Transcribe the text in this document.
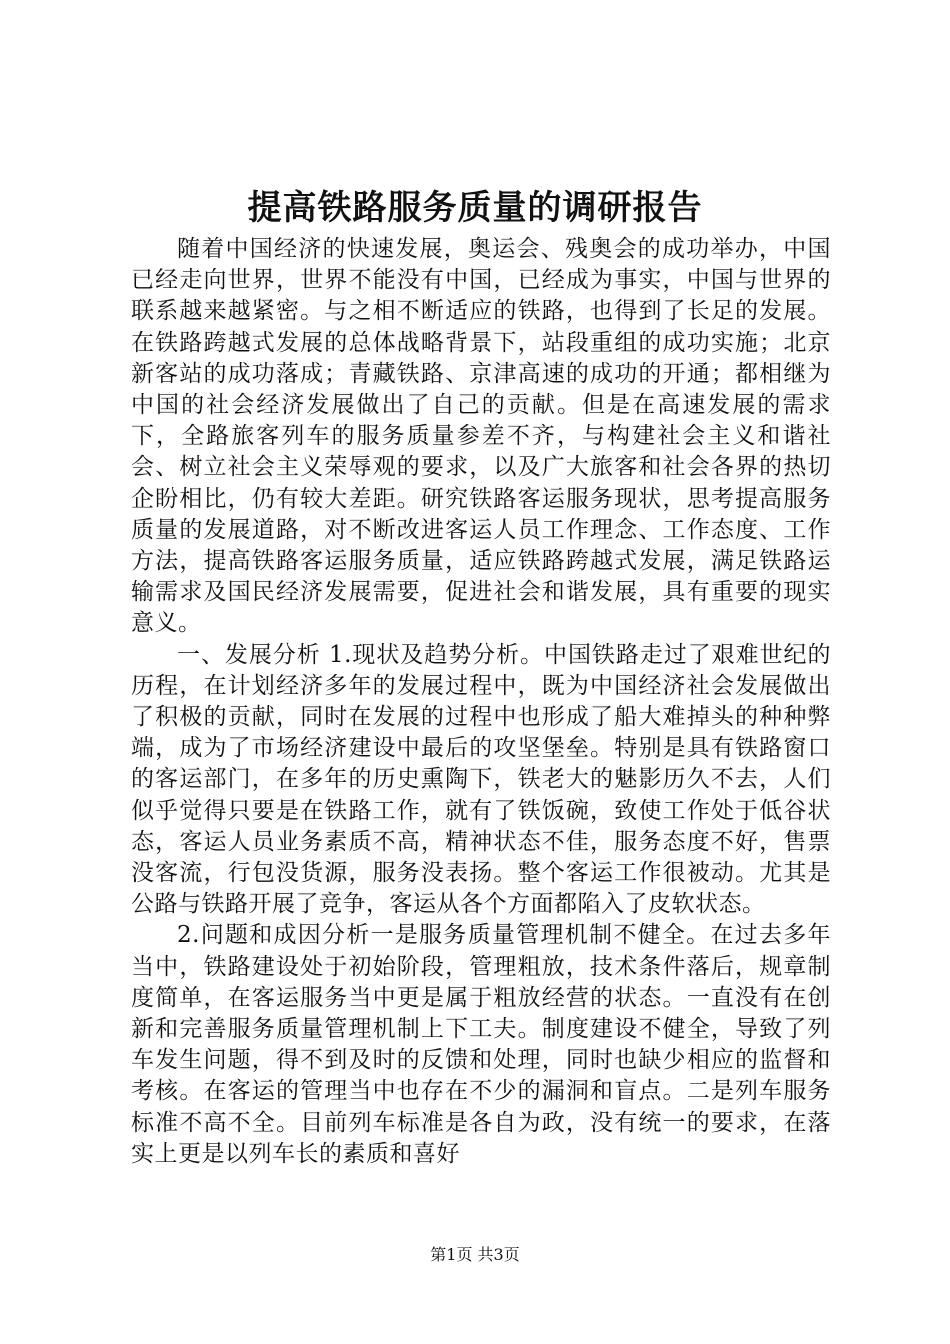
提高铁路服务质量的调研报告

随着中国经济的快速发展，奥运会、残奥会的成功举办，中国已经走向世界，世界不能没有中国，已经成为事实，中国与世界的联系越来越紧密。与之相不断适应的铁路，也得到了长足的发展。在铁路跨越式发展的总体战略背景下，站段重组的成功实施；北京新客站的成功落成；青藏铁路、京津高速的成功的开通；都相继为中国的社会经济发展做出了自己的贡献。但是在高速发展的需求下，全路旅客列车的服务质量参差不齐，与构建社会主义和谐社会、树立社会主义荣辱观的要求，以及广大旅客和社会各界的热切企盼相比，仍有较大差距。研究铁路客运服务现状，思考提高服务质量的发展道路，对不断改进客运人员工作理念、工作态度、工作方法，提高铁路客运服务质量，适应铁路跨越式发展，满足铁路运输需求及国民经济发展需要，促进社会和谐发展，具有重要的现实意义。

一、发展分析 1.现状及趋势分析。中国铁路走过了艰难世纪的历程，在计划经济多年的发展过程中，既为中国经济社会发展做出了积极的贡献，同时在发展的过程中也形成了船大难掉头的种种弊端，成为了市场经济建设中最后的攻坚堡垒。特别是具有铁路窗口的客运部门，在多年的历史熏陶下，铁老大的魅影历久不去，人们似乎觉得只要是在铁路工作，就有了铁饭碗，致使工作处于低谷状态，客运人员业务素质不高，精神状态不佳，服务态度不好，售票没客流，行包没货源，服务没表扬。整个客运工作很被动。尤其是公路与铁路开展了竞争，客运从各个方面都陷入了皮软状态。

2.问题和成因分析一是服务质量管理机制不健全。在过去多年当中，铁路建设处于初始阶段，管理粗放，技术条件落后，规章制度简单，在客运服务当中更是属于粗放经营的状态。一直没有在创新和完善服务质量管理机制上下工夫。制度建设不健全，导致了列车发生问题，得不到及时的反馈和处理，同时也缺少相应的监督和考核。在客运的管理当中也存在不少的漏洞和盲点。二是列车服务标准不高不全。目前列车标准是各自为政，没有统一的要求，在落实上更是以列车长的素质和喜好

第1页 共3页
